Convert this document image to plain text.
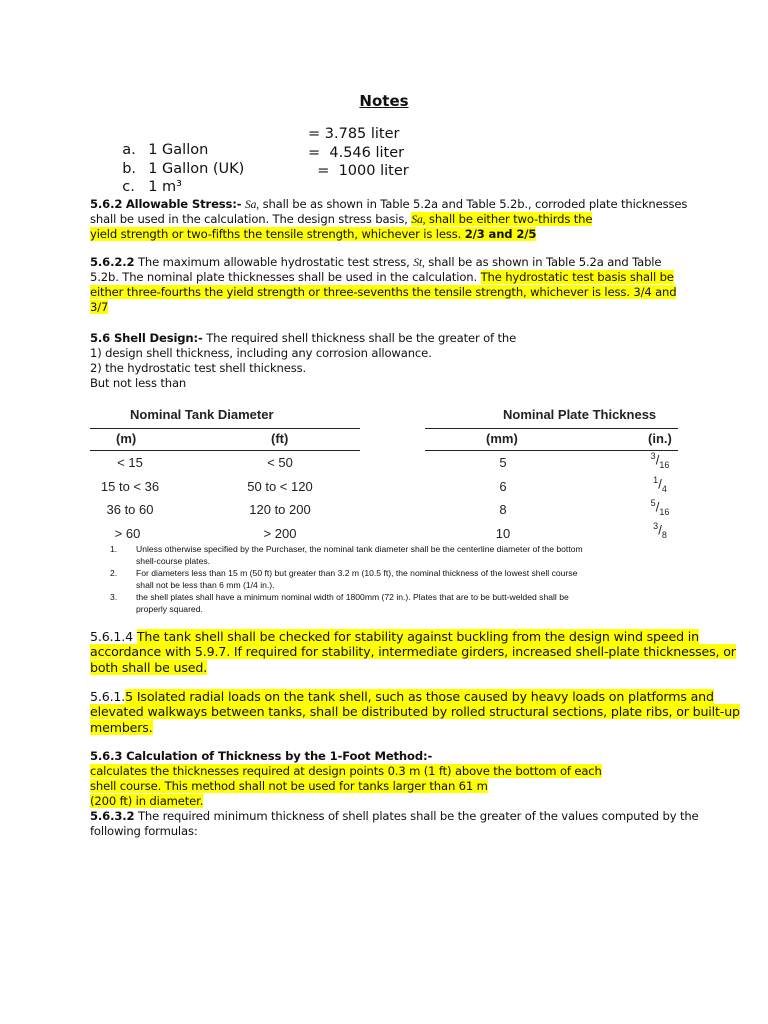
Notes

a. 1 Gallon
= 3.785 liter

b. 1 Gallon (UK)
=  4.546 liter

c. 1 m³
=  1000 liter

5.6.2 Allowable Stress:- Sa, shall be as shown in Table 5.2a and Table 5.2b., corroded plate thicknesses
shall be used in the calculation. The design stress basis, Sa, shall be either two-thirds the
yield strength or two-fifths the tensile strength, whichever is less. 2/3 and 2/5
5.6.2.2 The maximum allowable hydrostatic test stress, St, shall be as shown in Table 5.2a and Table
5.2b. The nominal plate thicknesses shall be used in the calculation. The hydrostatic test basis shall be
either three-fourths the yield strength or three-sevenths the tensile strength, whichever is less. 3/4 and
3/7
5.6 Shell Design:- The required shell thickness shall be the greater of the
1) design shell thickness, including any corrosion allowance.
2) the hydrostatic test shell thickness.
But not less than
Nominal Tank Diameter	Nominal Plate Thickness
(m)	(ft)	(mm)	(in.)
< 15	< 50	5	$^3/_{16}$
15 to < 36	50 to < 120	6	$^1/_4$
36 to 60	120 to 200	8	$^5/_{16}$
> 60	> 200	10	$^3/_8$
1. Unless otherwise specified by the Purchaser, the nominal tank diameter shall be the centerline diameter of the bottom
shell-course plates.
2. For diameters less than 15 m (50 ft) but greater than 3.2 m (10.5 ft), the nominal thickness of the lowest shell course
shall not be less than 6 mm (1/4 in.).
3. the shell plates shall have a minimum nominal width of 1800mm (72 in.). Plates that are to be butt-welded shall be
properly squared.
5.6.1.4 The tank shell shall be checked for stability against buckling from the design wind speed in
accordance with 5.9.7. If required for stability, intermediate girders, increased shell-plate thicknesses, or
both shall be used.
5.6.1.5 Isolated radial loads on the tank shell, such as those caused by heavy loads on platforms and
elevated walkways between tanks, shall be distributed by rolled structural sections, plate ribs, or built-up
members.
5.6.3 Calculation of Thickness by the 1-Foot Method:-
calculates the thicknesses required at design points 0.3 m (1 ft) above the bottom of each
shell course. This method shall not be used for tanks larger than 61 m
(200 ft) in diameter.
5.6.3.2 The required minimum thickness of shell plates shall be the greater of the values computed by the
following formulas:
